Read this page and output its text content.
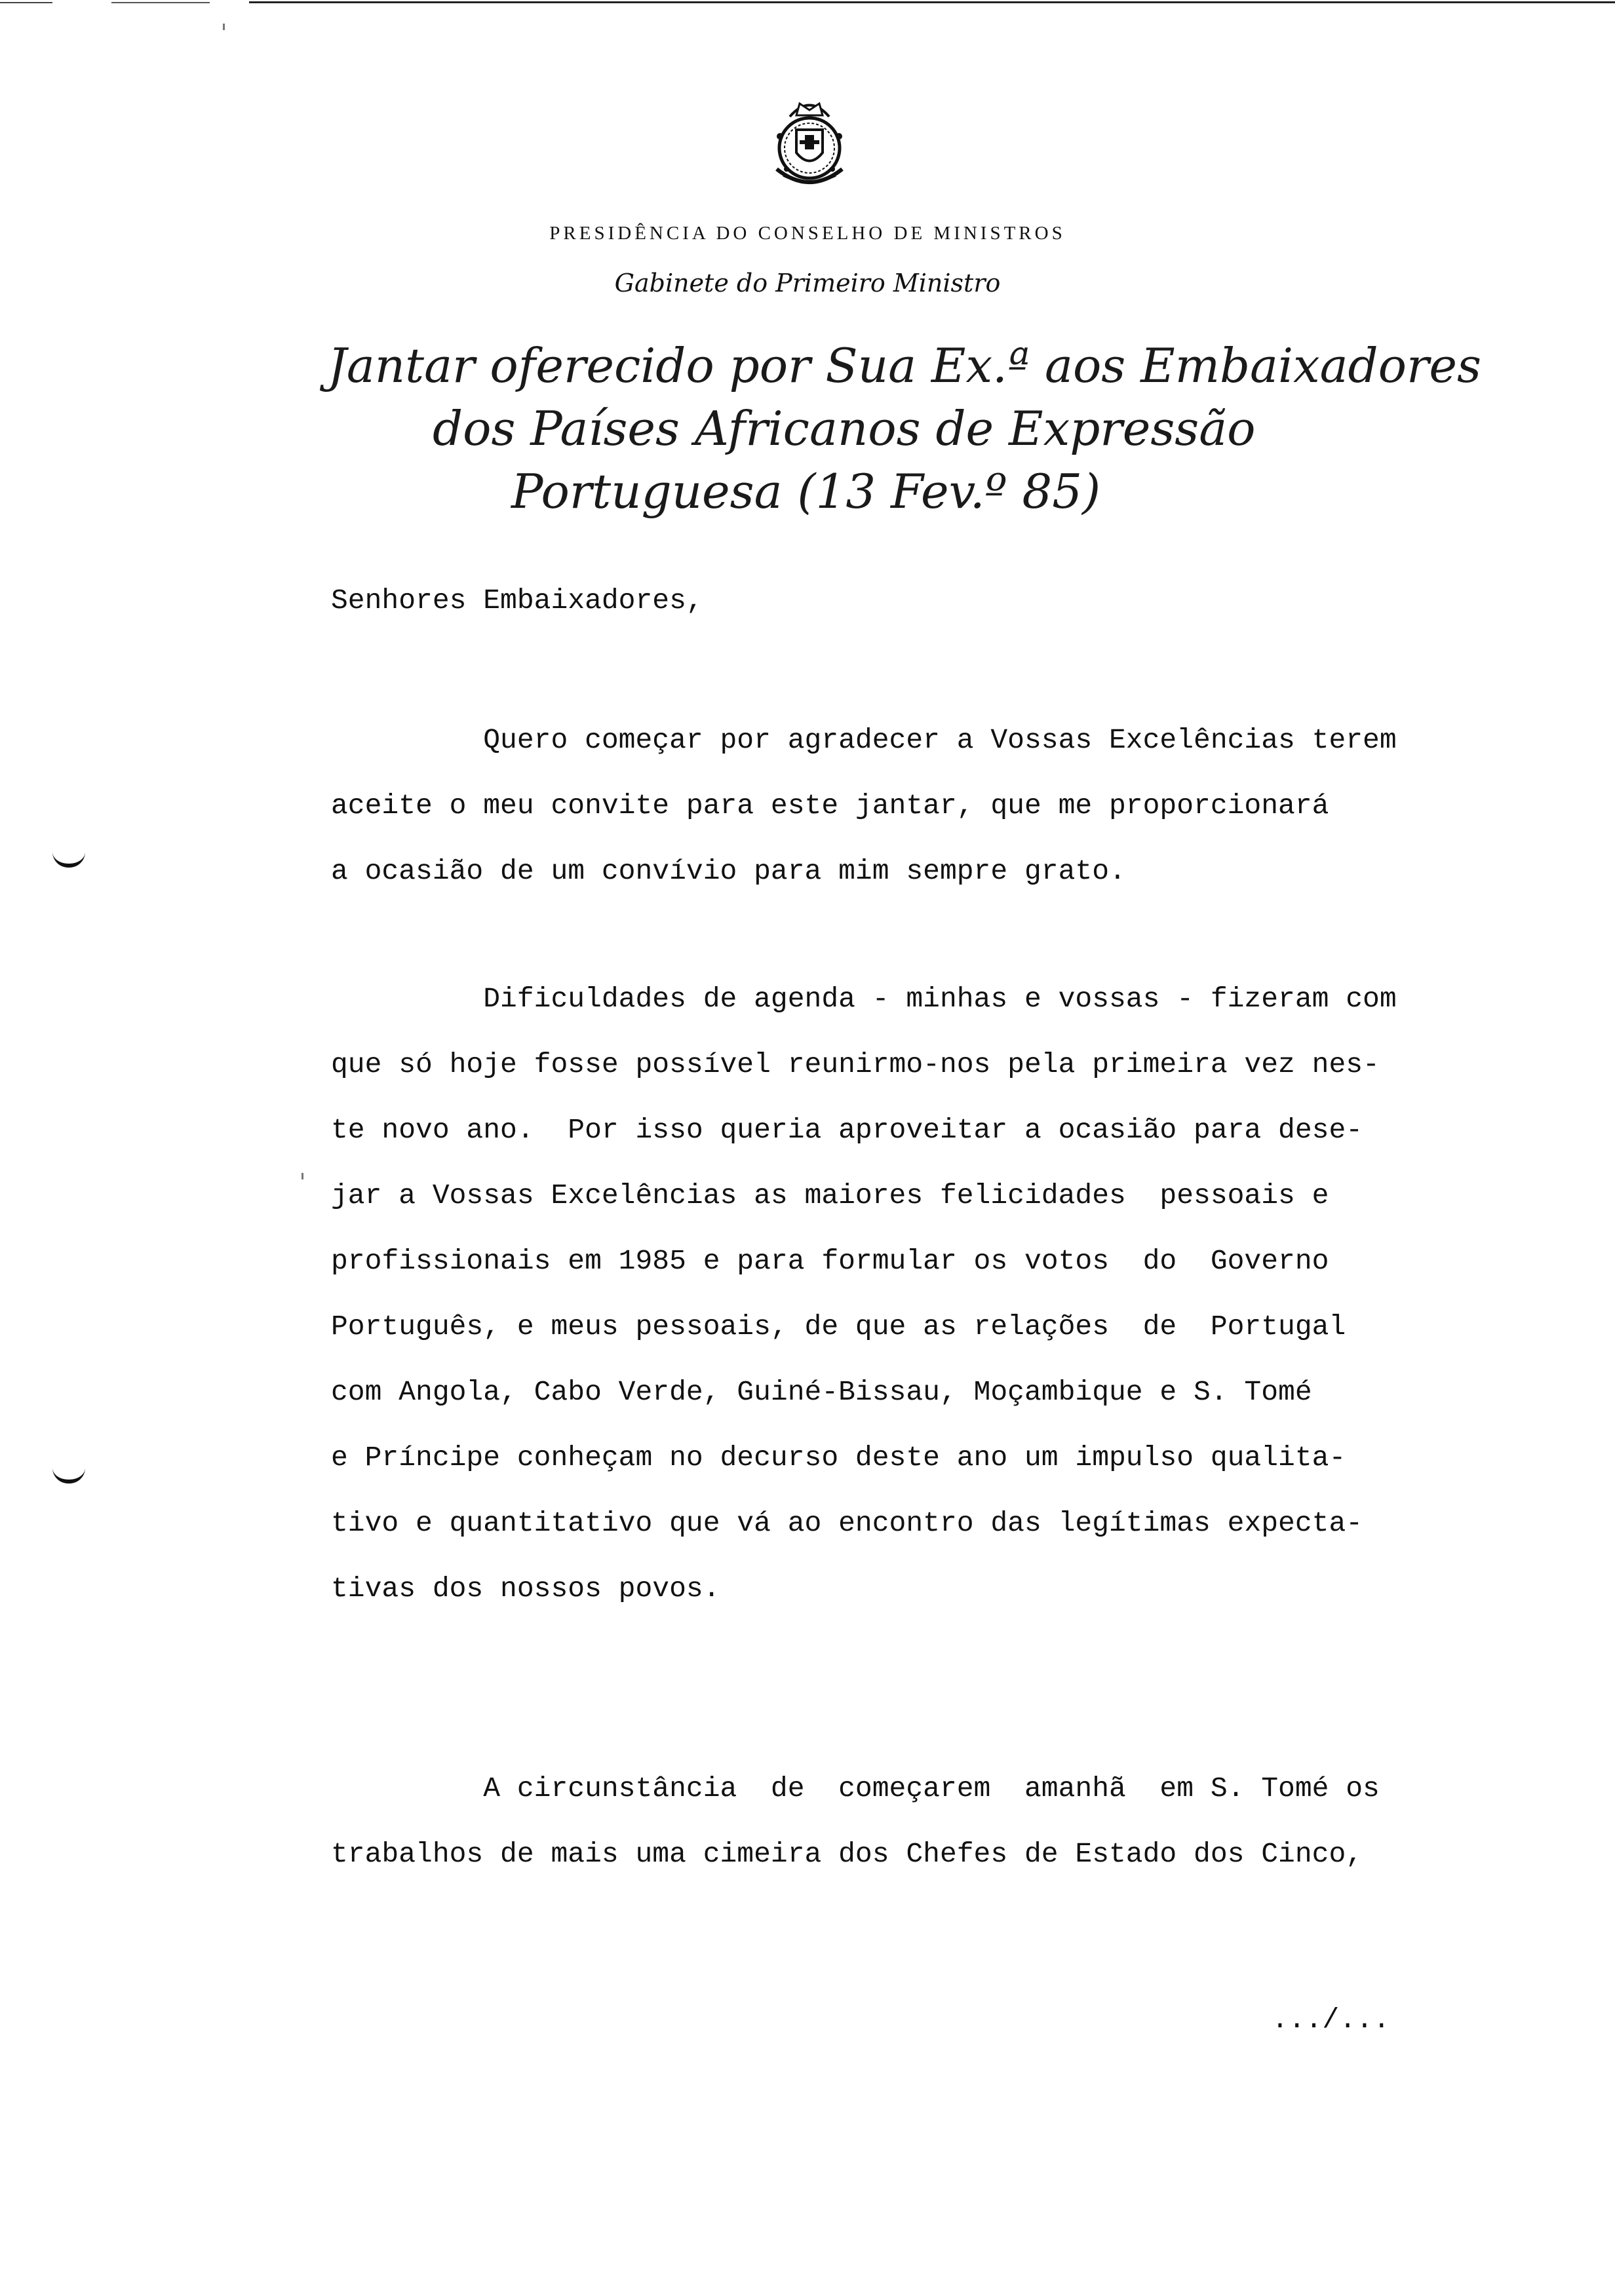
PRESIDÊNCIA DO CONSELHO DE MINISTROS
Gabinete do Primeiro Ministro
Jantar oferecido por Sua Ex.ª aos Embaixadores
dos Países Africanos de Expressão
Portuguesa (13 Fev.º 85)
Senhores Embaixadores,
Quero começar por agradecer a Vossas Excelências terem
aceite o meu convite para este jantar, que me proporcionará
a ocasião de um convívio para mim sempre grato.
Dificuldades de agenda - minhas e vossas - fizeram com
que só hoje fosse possível reunirmo-nos pela primeira vez nes-
te novo ano.  Por isso queria aproveitar a ocasião para dese-
jar a Vossas Excelências as maiores felicidades  pessoais e
profissionais em 1985 e para formular os votos  do  Governo
Português, e meus pessoais, de que as relações  de  Portugal
com Angola, Cabo Verde, Guiné-Bissau, Moçambique e S. Tomé
e Príncipe conheçam no decurso deste ano um impulso qualita-
tivo e quantitativo que vá ao encontro das legítimas expecta-
tivas dos nossos povos.
A circunstância  de  começarem  amanhã  em S. Tomé os
trabalhos de mais uma cimeira dos Chefes de Estado dos Cinco,
.../...
